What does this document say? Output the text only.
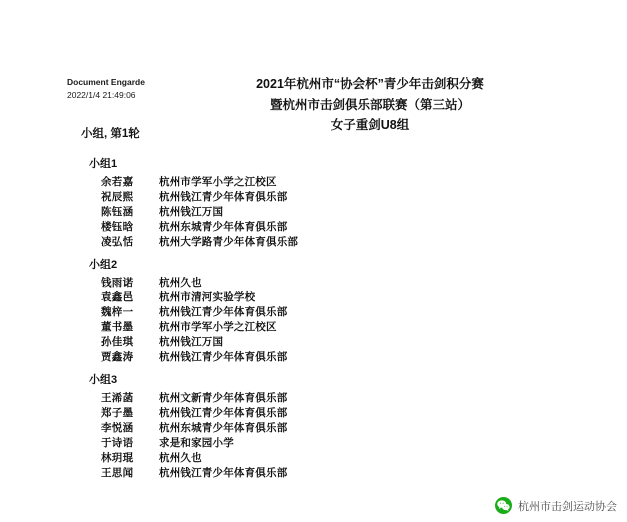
Document Engarde
2022/1/4 21:49:06
2021年杭州市“协会杯”青少年击剑积分赛
暨杭州市击剑俱乐部联赛（第三站）
女子重剑U8组
小组, 第1轮
小组1
余若嘉	杭州市学军小学之江校区
祝辰熙	杭州钱江青少年体育俱乐部
陈钰涵	杭州钱江万国
楼钰晗	杭州东城青少年体育俱乐部
凌弘恬	杭州大学路青少年体育俱乐部
小组2
钱雨诺	杭州久也
袁鑫邑	杭州市清河实验学校
魏梓一	杭州钱江青少年体育俱乐部
董书墨	杭州市学军小学之江校区
孙佳琪	杭州钱江万国
贾鑫涛	杭州钱江青少年体育俱乐部
小组3
王浠菡	杭州文新青少年体育俱乐部
郑子墨	杭州钱江青少年体育俱乐部
李悦涵	杭州东城青少年体育俱乐部
于诗语	求是和家园小学
林玥琨	杭州久也
王思闻	杭州钱江青少年体育俱乐部
杭州市击剑运动协会
